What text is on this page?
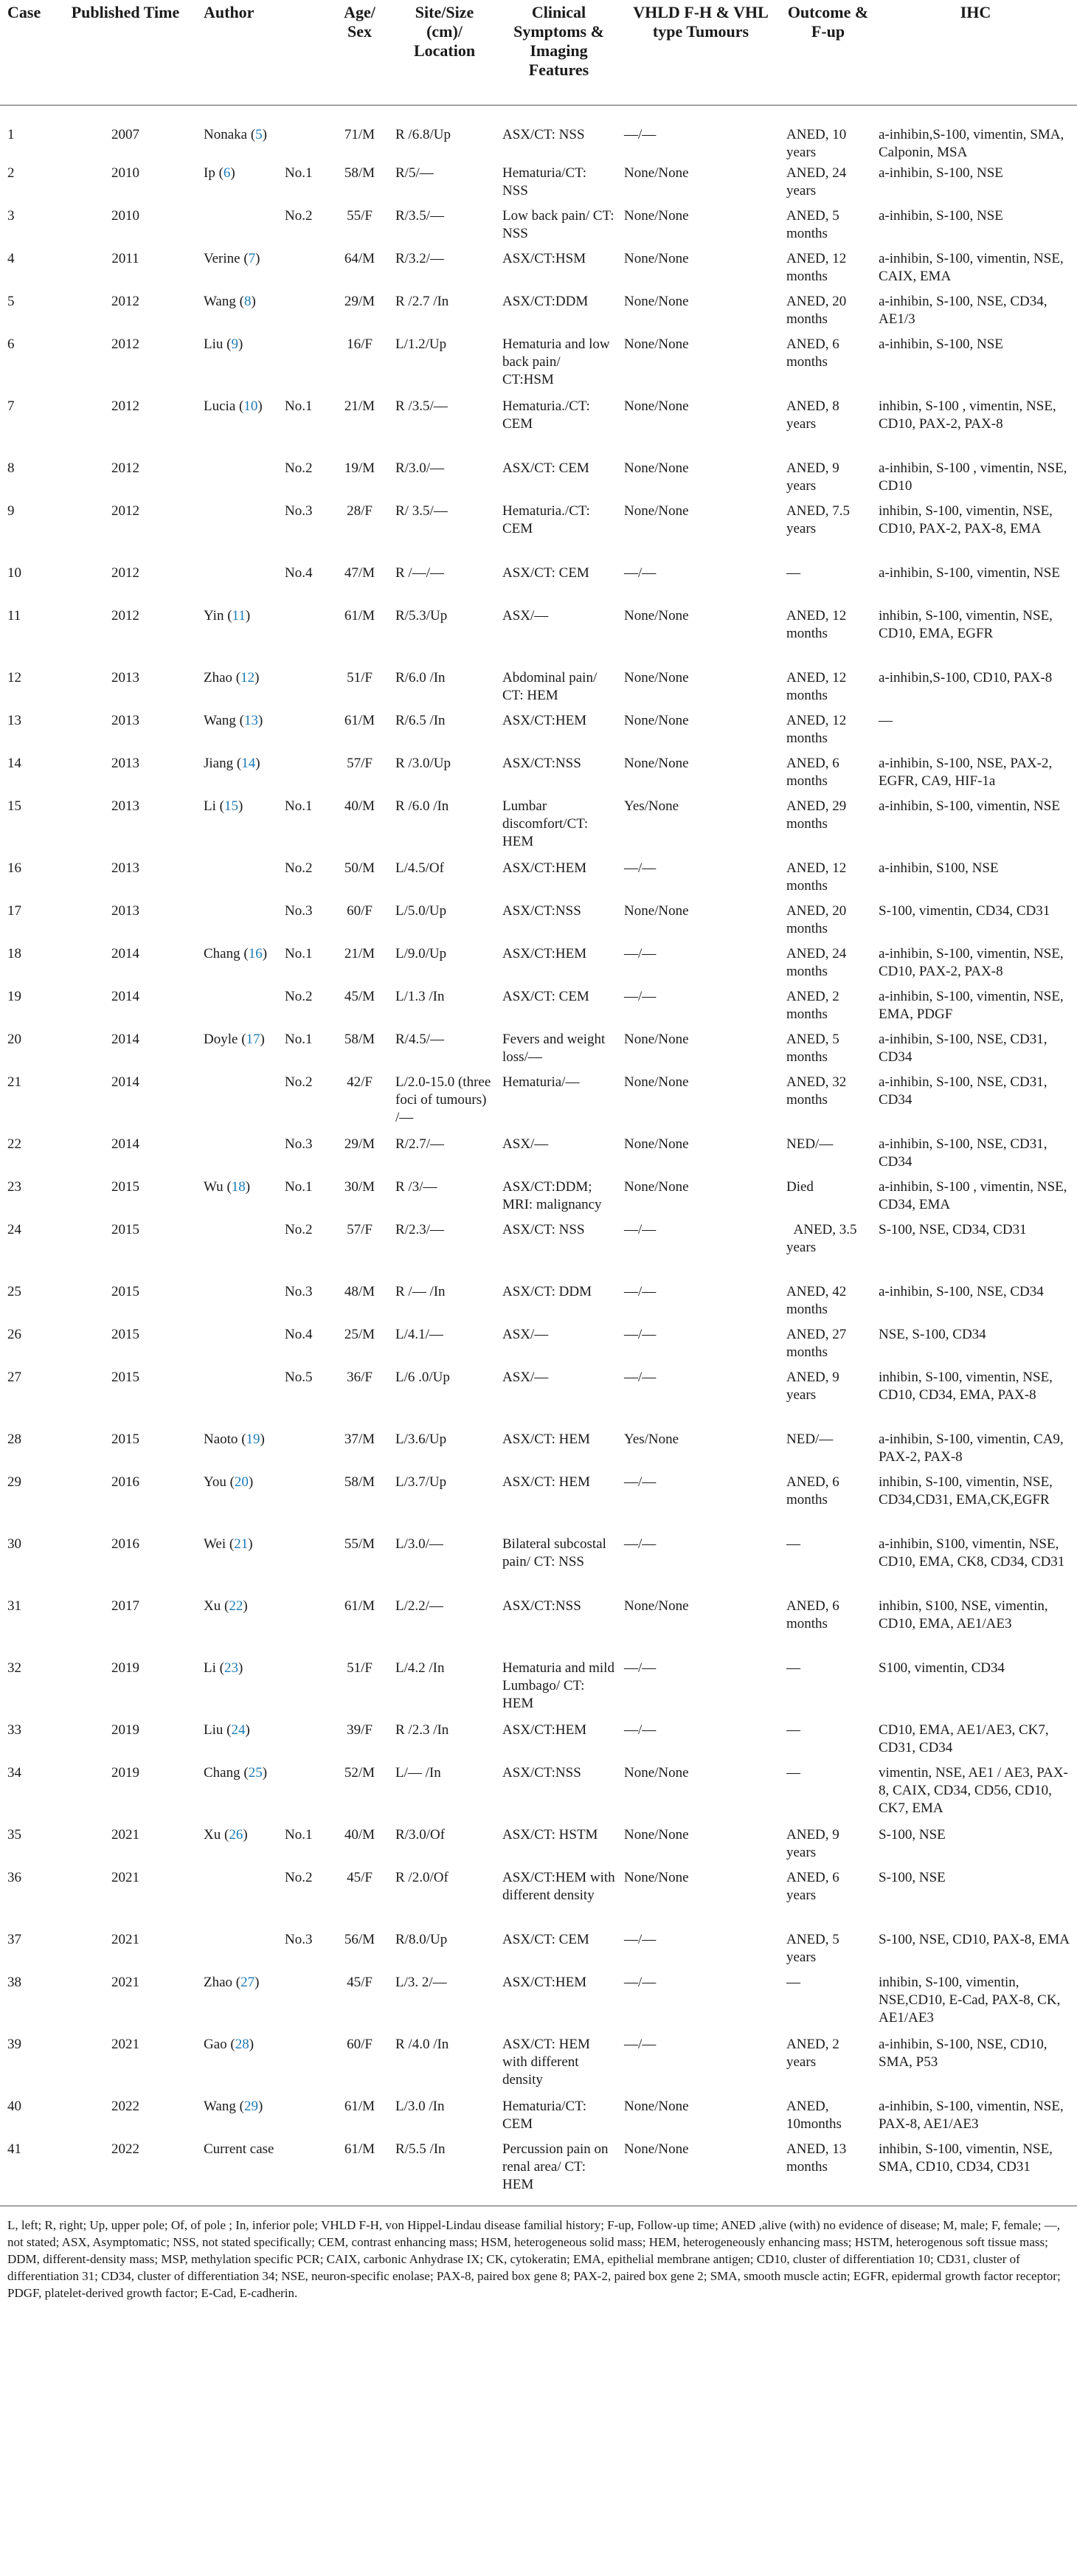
Case	Published Time	Author		Age/ Sex	Site/Size (cm)/ Location	Clinical Symptoms & Imaging Features	VHLD F-H & VHL type Tumours	Outcome & F-up	IHC
1	2007	Nonaka (5)		71/M	R /6.8/Up	ASX/CT: NSS	—/—	ANED, 10 years	a-inhibin,S-100, vimentin, SMA, Calponin, MSA
2	2010	Ip (6)	No.1	58/M	R/5/—	Hematuria/CT: NSS	None/None	ANED, 24 years	a-inhibin, S-100, NSE
3	2010		No.2	55/F	R/3.5/—	Low back pain/ CT: NSS	None/None	ANED, 5 months	a-inhibin, S-100, NSE
4	2011	Verine (7)		64/M	R/3.2/—	ASX/CT:HSM	None/None	ANED, 12 months	a-inhibin, S-100, vimentin, NSE, CAIX, EMA
5	2012	Wang (8)		29/M	R /2.7 /In	ASX/CT:DDM	None/None	ANED, 20 months	a-inhibin, S-100, NSE, CD34, AE1/3
6	2012	Liu (9)		16/F	L/1.2/Up	Hematuria and low back pain/ CT:HSM	None/None	ANED, 6 months	a-inhibin, S-100, NSE
7	2012	Lucia (10)	No.1	21/M	R /3.5/—	Hematuria./CT: CEM	None/None	ANED, 8 years	inhibin, S-100 , vimentin, NSE, CD10, PAX-2, PAX-8
8	2012		No.2	19/M	R/3.0/—	ASX/CT: CEM	None/None	ANED, 9 years	a-inhibin, S-100 , vimentin, NSE, CD10
9	2012		No.3	28/F	R/ 3.5/—	Hematuria./CT: CEM	None/None	ANED, 7.5 years	inhibin, S-100, vimentin, NSE, CD10, PAX-2, PAX-8, EMA
10	2012		No.4	47/M	R /—/—	ASX/CT: CEM	—/—	—	a-inhibin, S-100, vimentin, NSE
11	2012	Yin (11)		61/M	R/5.3/Up	ASX/—	None/None	ANED, 12 months	inhibin, S-100, vimentin, NSE, CD10, EMA, EGFR
12	2013	Zhao (12)		51/F	R/6.0 /In	Abdominal pain/ CT: HEM	None/None	ANED, 12 months	a-inhibin,S-100, CD10, PAX-8
13	2013	Wang (13)		61/M	R/6.5 /In	ASX/CT:HEM	None/None	ANED, 12 months	—
14	2013	Jiang (14)		57/F	R /3.0/Up	ASX/CT:NSS	None/None	ANED, 6 months	a-inhibin, S-100, NSE, PAX-2, EGFR, CA9, HIF-1a
15	2013	Li (15)	No.1	40/M	R /6.0 /In	Lumbar discomfort/CT: HEM	Yes/None	ANED, 29 months	a-inhibin, S-100, vimentin, NSE
16	2013		No.2	50/M	L/4.5/Of	ASX/CT:HEM	—/—	ANED, 12 months	a-inhibin, S100, NSE
17	2013		No.3	60/F	L/5.0/Up	ASX/CT:NSS	None/None	ANED, 20 months	S-100, vimentin, CD34, CD31
18	2014	Chang (16)	No.1	21/M	L/9.0/Up	ASX/CT:HEM	—/—	ANED, 24 months	a-inhibin, S-100, vimentin, NSE, CD10, PAX-2, PAX-8
19	2014		No.2	45/M	L/1.3 /In	ASX/CT: CEM	—/—	ANED, 2 months	a-inhibin, S-100, vimentin, NSE, EMA, PDGF
20	2014	Doyle (17)	No.1	58/M	R/4.5/—	Fevers and weight loss/—	None/None	ANED, 5 months	a-inhibin, S-100, NSE, CD31, CD34
21	2014		No.2	42/F	L/2.0-15.0 (three foci of tumours) /—	Hematuria/—	None/None	ANED, 32 months	a-inhibin, S-100, NSE, CD31, CD34
22	2014		No.3	29/M	R/2.7/—	ASX/—	None/None	NED/—	a-inhibin, S-100, NSE, CD31, CD34
23	2015	Wu (18)	No.1	30/M	R /3/—	ASX/CT:DDM; MRI: malignancy	None/None	Died	a-inhibin, S-100 , vimentin, NSE, CD34, EMA
24	2015		No.2	57/F	R/2.3/—	ASX/CT: NSS	—/—	ANED, 3.5 years	S-100, NSE, CD34, CD31
25	2015		No.3	48/M	R /— /In	ASX/CT: DDM	—/—	ANED, 42 months	a-inhibin, S-100, NSE, CD34
26	2015		No.4	25/M	L/4.1/—	ASX/—	—/—	ANED, 27 months	NSE, S-100, CD34
27	2015		No.5	36/F	L/6 .0/Up	ASX/—	—/—	ANED, 9 years	inhibin, S-100, vimentin, NSE, CD10, CD34, EMA, PAX-8
28	2015	Naoto (19)		37/M	L/3.6/Up	ASX/CT: HEM	Yes/None	NED/—	a-inhibin, S-100, vimentin, CA9, PAX-2, PAX-8
29	2016	You (20)		58/M	L/3.7/Up	ASX/CT: HEM	—/—	ANED, 6 months	inhibin, S-100, vimentin, NSE, CD34,CD31, EMA,CK,EGFR
30	2016	Wei (21)		55/M	L/3.0/—	Bilateral subcostal pain/ CT: NSS	—/—	—	a-inhibin, S100, vimentin, NSE, CD10, EMA, CK8, CD34, CD31
31	2017	Xu (22)		61/M	L/2.2/—	ASX/CT:NSS	None/None	ANED, 6 months	inhibin, S100, NSE, vimentin, CD10, EMA, AE1/AE3
32	2019	Li (23)		51/F	L/4.2 /In	Hematuria and mild Lumbago/ CT: HEM	—/—	—	S100, vimentin, CD34
33	2019	Liu (24)		39/F	R /2.3 /In	ASX/CT:HEM	—/—	—	CD10, EMA, AE1/AE3, CK7, CD31, CD34
34	2019	Chang (25)		52/M	L/— /In	ASX/CT:NSS	None/None	—	vimentin, NSE, AE1 / AE3, PAX-8, CAIX, CD34, CD56, CD10, CK7, EMA
35	2021	Xu (26)	No.1	40/M	R/3.0/Of	ASX/CT: HSTM	None/None	ANED, 9 years	S-100, NSE
36	2021		No.2	45/F	R /2.0/Of	ASX/CT:HEM with different density	None/None	ANED, 6 years	S-100, NSE
37	2021		No.3	56/M	R/8.0/Up	ASX/CT: CEM	—/—	ANED, 5 years	S-100, NSE, CD10, PAX-8, EMA
38	2021	Zhao (27)		45/F	L/3. 2/—	ASX/CT:HEM	—/—	—	inhibin, S-100, vimentin, NSE,CD10, E-Cad, PAX-8, CK, AE1/AE3
39	2021	Gao (28)		60/F	R /4.0 /In	ASX/CT: HEM with different density	—/—	ANED, 2 years	a-inhibin, S-100, NSE, CD10, SMA, P53
40	2022	Wang (29)		61/M	L/3.0 /In	Hematuria/CT: CEM	None/None	ANED, 10months	a-inhibin, S-100, vimentin, NSE, PAX-8, AE1/AE3
41	2022	Current case		61/M	R/5.5 /In	Percussion pain on renal area/ CT: HEM	None/None	ANED, 13 months	inhibin, S-100, vimentin, NSE, SMA, CD10, CD34, CD31
L, left; R, right; Up, upper pole; Of, of pole ; In, inferior pole; VHLD F-H, von Hippel-Lindau disease familial history; F-up, Follow-up time; ANED ,alive (with) no evidence of disease; M, male; F, female; —, not stated; ASX, Asymptomatic; NSS, not stated specifically; CEM, contrast enhancing mass; HSM, heterogeneous solid mass; HEM, heterogeneously enhancing mass; HSTM, heterogenous soft tissue mass; DDM, different-density mass; MSP, methylation specific PCR; CAIX, carbonic Anhydrase IX; CK, cytokeratin; EMA, epithelial membrane antigen; CD10, cluster of differentiation 10; CD31, cluster of differentiation 31; CD34, cluster of differentiation 34; NSE, neuron-specific enolase; PAX-8, paired box gene 8; PAX-2, paired box gene 2; SMA, smooth muscle actin; EGFR, epidermal growth factor receptor; PDGF, platelet-derived growth factor; E-Cad, E-cadherin.
